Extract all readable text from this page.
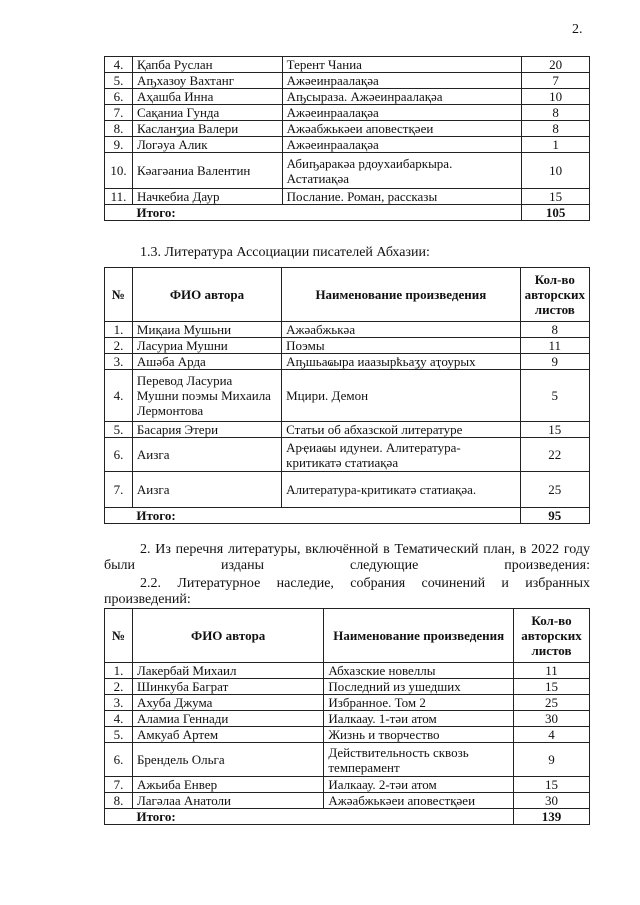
2.
4.	Қапба Руслан	Терент Чаниа	20
5.	Аҧхазоу Вахтанг	Ажәеинраалақәа	7
6.	Аҳашба Инна	Аҧсыразa. Ажәеинраалақәа	10
7.	Сақаниа Гунда	Ажәеинраалақәа	8
8.	Касланӡиа Валери	Ажәабжькәеи аповестқәеи	8
9.	Логәуа Алик	Ажәеинраалақәа	1
10.	Кәагәаниа Валентин	Абиҧаракәа рдоухаибаркыра. Астатиақәа	10
11.	Начкебиа Даур	Послание. Роман, рассказы	15
	Итого:		105
1.3. Литература Ассоциации писателей Абхазии:
№	ФИО автора	Наименование произведения	Кол-во авторских листов
1.	Миқаиа Мушьни	Ажәабжькәа	8
2.	Ласуриа Мушни	Поэмы	11
3.	Ашәба Арда	Аҧшьаҩыра иаазырҟьаӡу аҭоурых	9
4.	Перевод Ласуриа Мушни поэмы Михаила Лермонтова	Мцири. Демон	5
5.	Басария Этери	Статьи об абхазской литературе	15
6.	Аизга	Арҿиаҩы идунеи. Алитература-критикатә статиақәа	22
7.	Аизга	Алитература-критикатә статиақәа.	25
	Итого:		95
2. Из перечня литературы, включённой в Тематический план, в 2022 году были изданы следующие произведения:
2.2. Литературное наследие, собрания сочинений и избранных произведений:
№	ФИО автора	Наименование произведения	Кол-во авторских листов
1.	Лакербай Михаил	Абхазские новеллы	11
2.	Шинкуба Баграт	Последний из ушедших	15
3.	Ахуба Джума	Избранное. Том 2	25
4.	Аламиа Геннади	Иалкаау. 1-тәи атом	30
5.	Амкуаб Артем	Жизнь и творчество	4
6.	Брендель Ольга	Действительность сквозь темперамент	9
7.	Ажьиба Енвер	Иалкаау. 2-тәи атом	15
8.	Лагәлаа Анатоли	Ажәабжькәеи аповестқәеи	30
	Итого:		139
